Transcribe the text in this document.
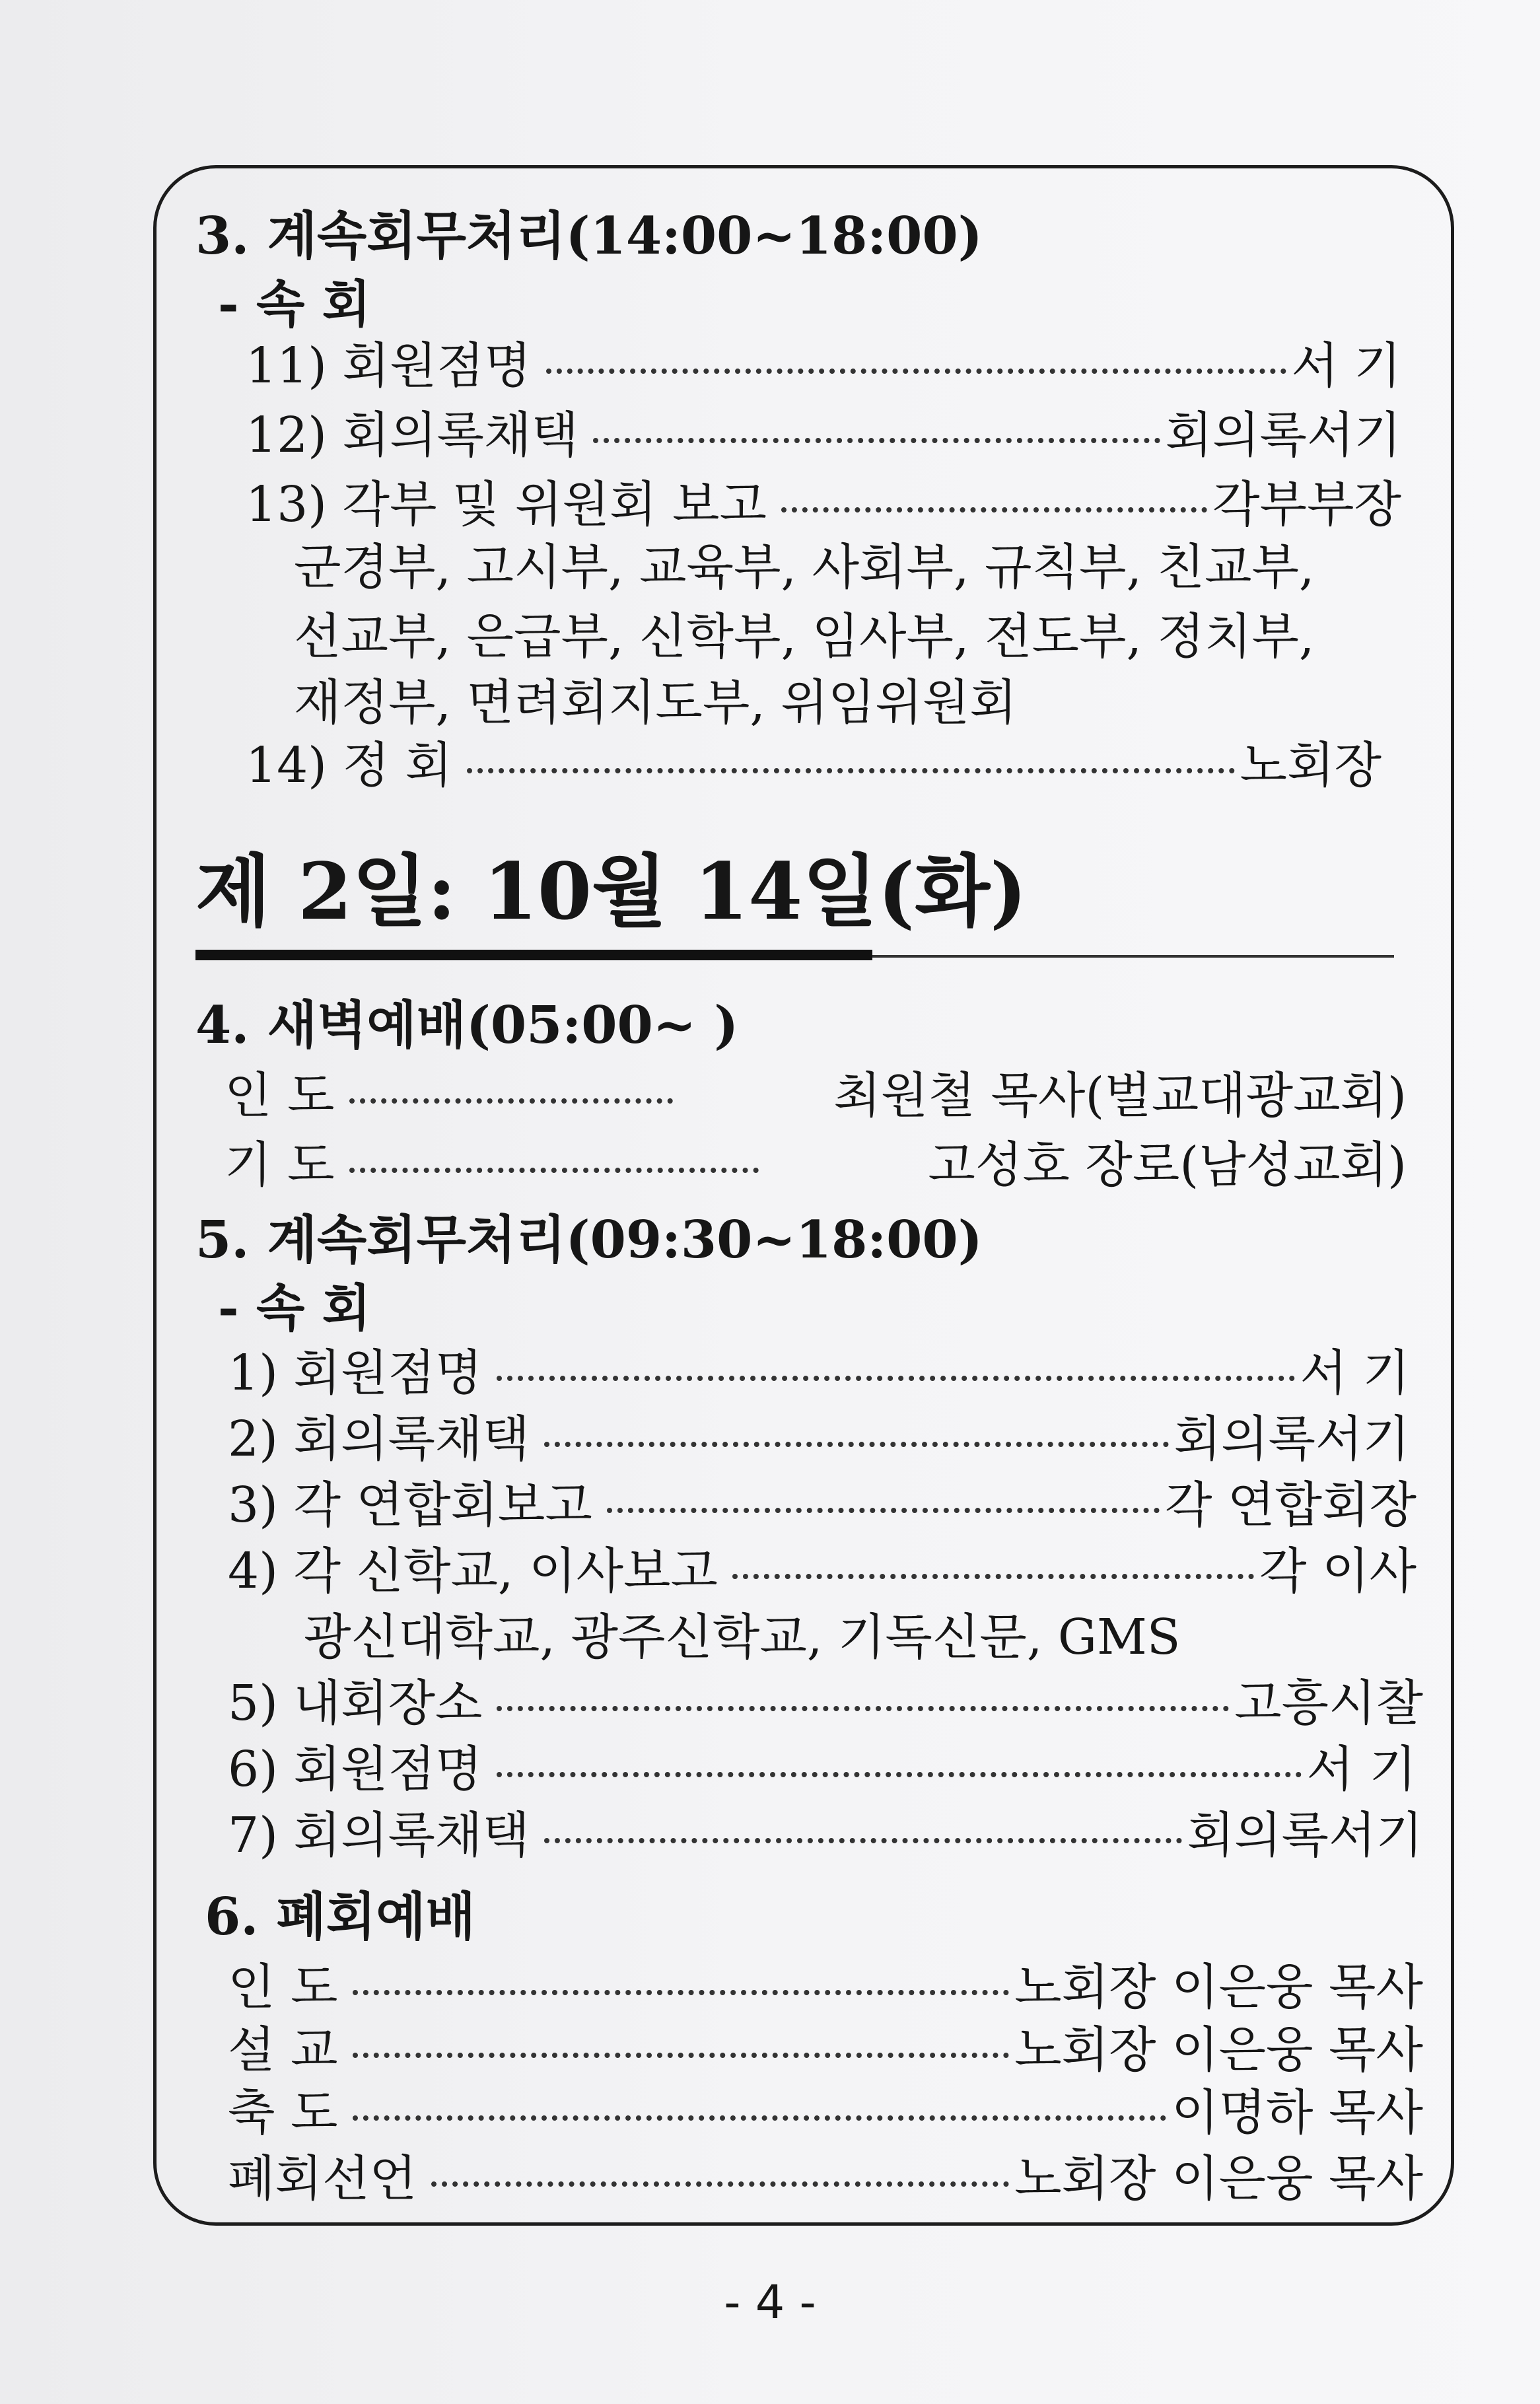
3. 계속회무처리(14:00~18:00)
- 속 회
11) 회원점명	서 기
12) 회의록채택	회의록서기
13) 각부 및 위원회 보고	각부부장
군경부, 고시부, 교육부, 사회부, 규칙부, 친교부,
선교부, 은급부, 신학부, 임사부, 전도부, 정치부,
재정부, 면려회지도부, 위임위원회
14) 정 회	노회장
제 2일: 10월 14일(화)
4. 새벽예배(05:00~ )
인 도	최원철 목사(벌교대광교회)
기 도	고성호 장로(남성교회)
5. 계속회무처리(09:30~18:00)
- 속 회
1) 회원점명	서 기
2) 회의록채택	회의록서기
3) 각 연합회보고	각 연합회장
4) 각 신학교, 이사보고	각 이사
광신대학교, 광주신학교, 기독신문, GMS
5) 내회장소	고흥시찰
6) 회원점명	서 기
7) 회의록채택	회의록서기
6. 폐회예배
인 도	노회장 이은웅 목사
설 교	노회장 이은웅 목사
축 도	이명하 목사
폐회선언	노회장 이은웅 목사
- 4 -
